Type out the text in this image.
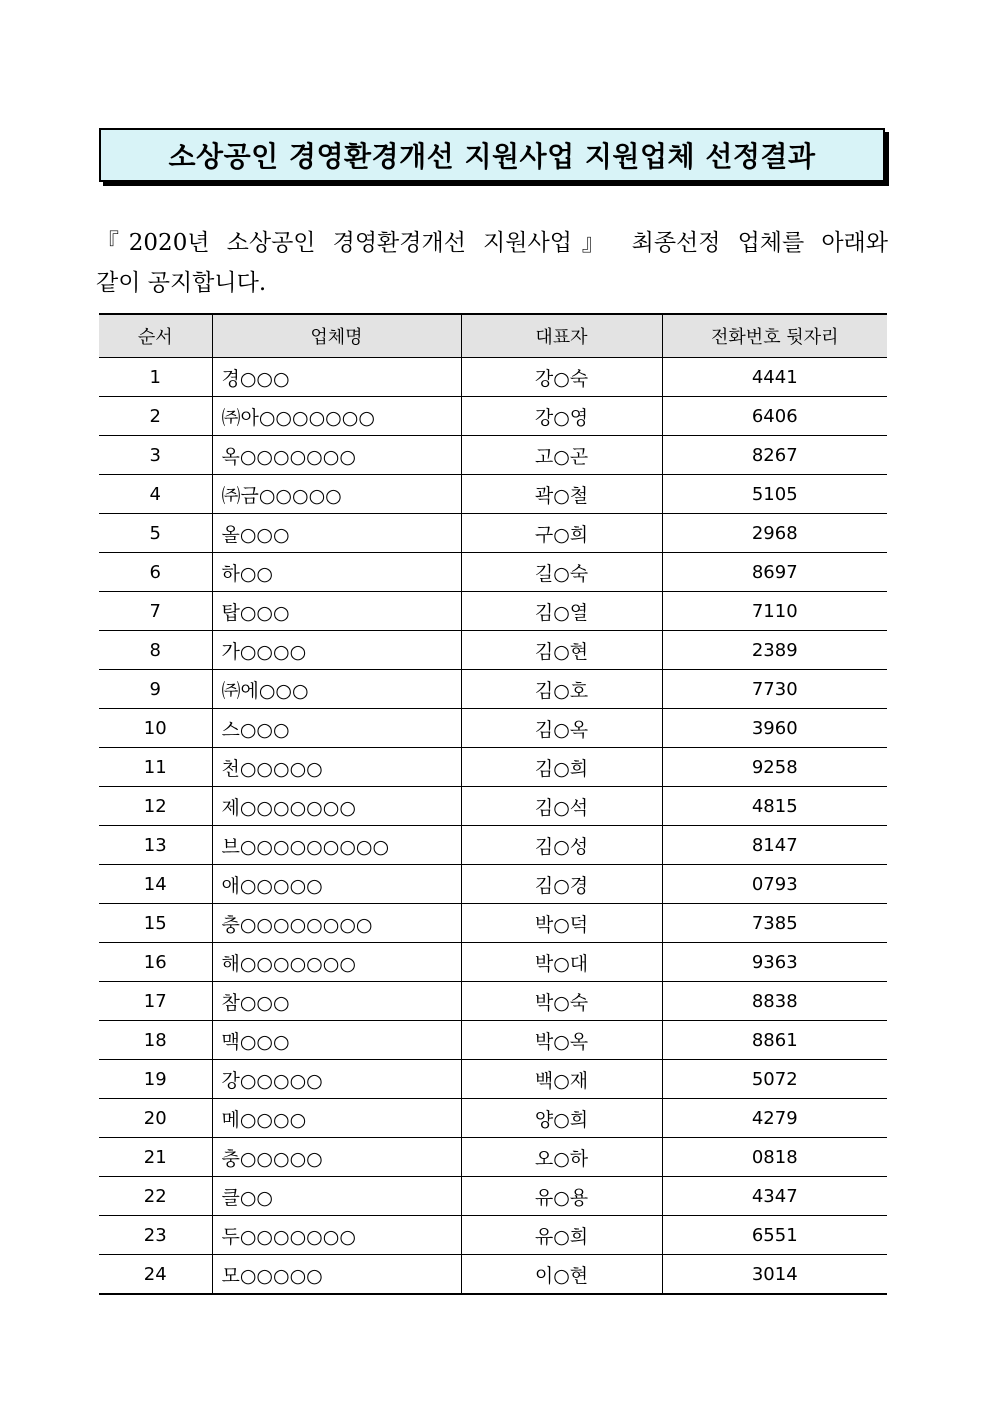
소상공인 경영환경개선 지원사업 지원업체 선정결과
『2020년 소상공인 경영환경개선 지원사업』 최종선정 업체를 아래와
같이 공지합니다.
순서	업체명	대표자	전화번호 뒷자리
1	경○○○	강○숙	4441
2	㈜아○○○○○○○	강○영	6406
3	옥○○○○○○○	고○곤	8267
4	㈜금○○○○○	곽○철	5105
5	올○○○	구○희	2968
6	하○○	길○숙	8697
7	탑○○○	김○열	7110
8	가○○○○	김○현	2389
9	㈜에○○○	김○호	7730
10	스○○○	김○옥	3960
11	천○○○○○	김○희	9258
12	제○○○○○○○	김○석	4815
13	브○○○○○○○○○	김○성	8147
14	애○○○○○	김○경	0793
15	충○○○○○○○○	박○덕	7385
16	해○○○○○○○	박○대	9363
17	참○○○	박○숙	8838
18	맥○○○	박○옥	8861
19	강○○○○○	백○재	5072
20	메○○○○	양○희	4279
21	충○○○○○	오○하	0818
22	클○○	유○용	4347
23	두○○○○○○○	유○희	6551
24	모○○○○○	이○현	3014
